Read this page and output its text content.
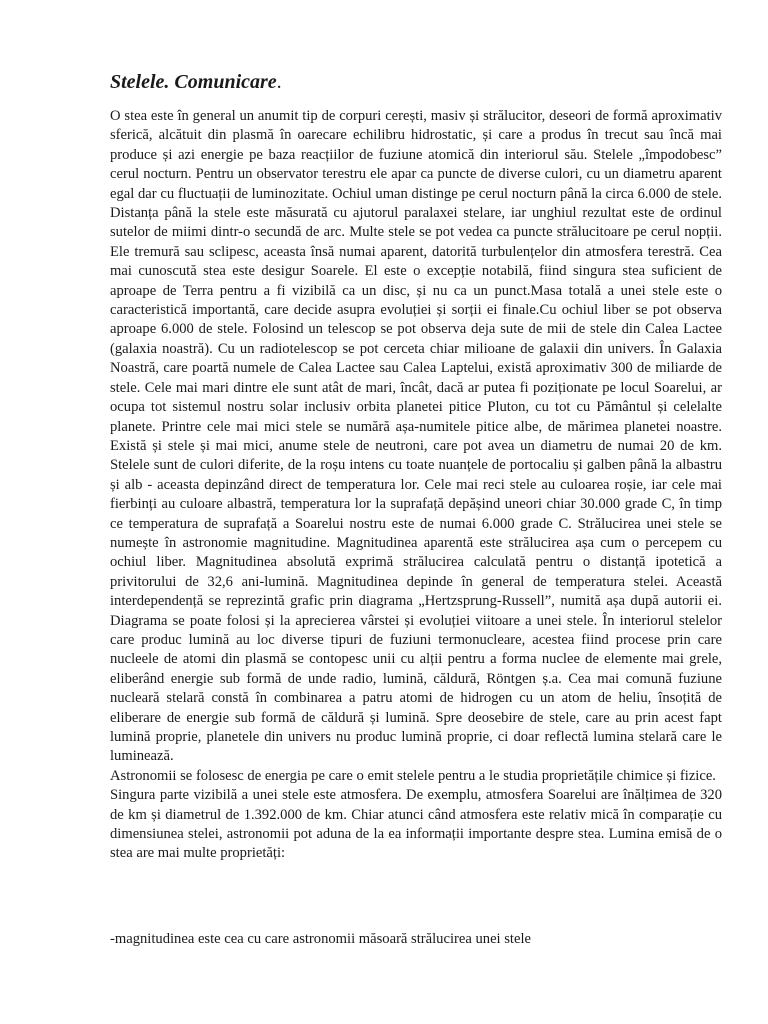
Stelele. Comunicare.

O stea este în general un anumit tip de corpuri cerești, masiv și strălucitor, deseori de formă aproximativ sferică, alcătuit din plasmă în oarecare echilibru hidrostatic, și care a produs în trecut sau încă mai produce și azi energie pe baza reacțiilor de fuziune atomică din interiorul său. Stelele „împodobesc” cerul nocturn. Pentru un observator terestru ele apar ca puncte de diverse culori, cu un diametru aparent egal dar cu fluctuații de luminozitate. Ochiul uman distinge pe cerul nocturn până la circa 6.000 de stele. Distanța până la stele este măsurată cu ajutorul paralaxei stelare, iar unghiul rezultat este de ordinul sutelor de miimi dintr-o secundă de arc. Multe stele se pot vedea ca puncte strălucitoare pe cerul nopții. Ele tremură sau sclipesc, aceasta însă numai aparent, datorită turbulențelor din atmosfera terestră. Cea mai cunoscută stea este desigur Soarele. El este o excepție notabilă, fiind singura stea suficient de aproape de Terra pentru a fi vizibilă ca un disc, și nu ca un punct.Masa totală a unei stele este o caracteristică importantă, care decide asupra evoluției și sorții ei finale.Cu ochiul liber se pot observa aproape 6.000 de stele. Folosind un telescop se pot observa deja sute de mii de stele din Calea Lactee (galaxia noastră). Cu un radiotelescop se pot cerceta chiar milioane de galaxii din univers. În Galaxia Noastră, care poartă numele de Calea Lactee sau Calea Laptelui, există aproximativ 300 de miliarde de stele. Cele mai mari dintre ele sunt atât de mari, încât, dacă ar putea fi poziționate pe locul Soarelui, ar ocupa tot sistemul nostru solar inclusiv orbita planetei pitice Pluton, cu tot cu Pământul și celelalte planete. Printre cele mai mici stele se numără așa-numitele pitice albe, de mărimea planetei noastre. Există și stele și mai mici, anume stele de neutroni, care pot avea un diametru de numai 20 de km. Stelele sunt de culori diferite, de la roșu intens cu toate nuanțele de portocaliu și galben până la albastru și alb - aceasta depinzând direct de temperatura lor. Cele mai reci stele au culoarea roșie, iar cele mai fierbinți au culoare albastră, temperatura lor la suprafață depășind uneori chiar 30.000 grade C, în timp ce temperatura de suprafață a Soarelui nostru este de numai 6.000 grade C. Strălucirea unei stele se numește în astronomie magnitudine. Magnitudinea aparentă este strălucirea așa cum o percepem cu ochiul liber. Magnitudinea absolută exprimă strălucirea calculată pentru o distanță ipotetică a privitorului de 32,6 ani-lumină. Magnitudinea depinde în general de temperatura stelei. Această interdependență se reprezintă grafic prin diagrama „Hertzsprung-Russell”, numită așa după autorii ei. Diagrama se poate folosi și la aprecierea vârstei și evoluției viitoare a unei stele. În interiorul stelelor care produc lumină au loc diverse tipuri de fuziuni termonucleare, acestea fiind procese prin care nucleele de atomi din plasmă se contopesc unii cu alții pentru a forma nuclee de elemente mai grele, eliberând energie sub formă de unde radio, lumină, căldură, Röntgen ș.a. Cea mai comună fuziune nucleară stelară constă în combinarea a patru atomi de hidrogen cu un atom de heliu, însoțită de eliberare de energie sub formă de căldură și lumină. Spre deosebire de stele, care au prin acest fapt lumină proprie, planetele din univers nu produc lumină proprie, ci doar reflectă lumina stelară care le luminează.
Astronomii se folosesc de energia pe care o emit stelele pentru a le studia proprietățile chimice și fizice.
Singura parte vizibilă a unei stele este atmosfera. De exemplu, atmosfera Soarelui are înălțimea de 320 de km și diametrul de 1.392.000 de km. Chiar atunci când atmosfera este relativ mică în comparație cu dimensiunea stelei, astronomii pot aduna de la ea informații importante despre stea. Lumina emisă de o stea are mai multe proprietăți:

-magnitudinea este cea cu care astronomii măsoară strălucirea unei stele
